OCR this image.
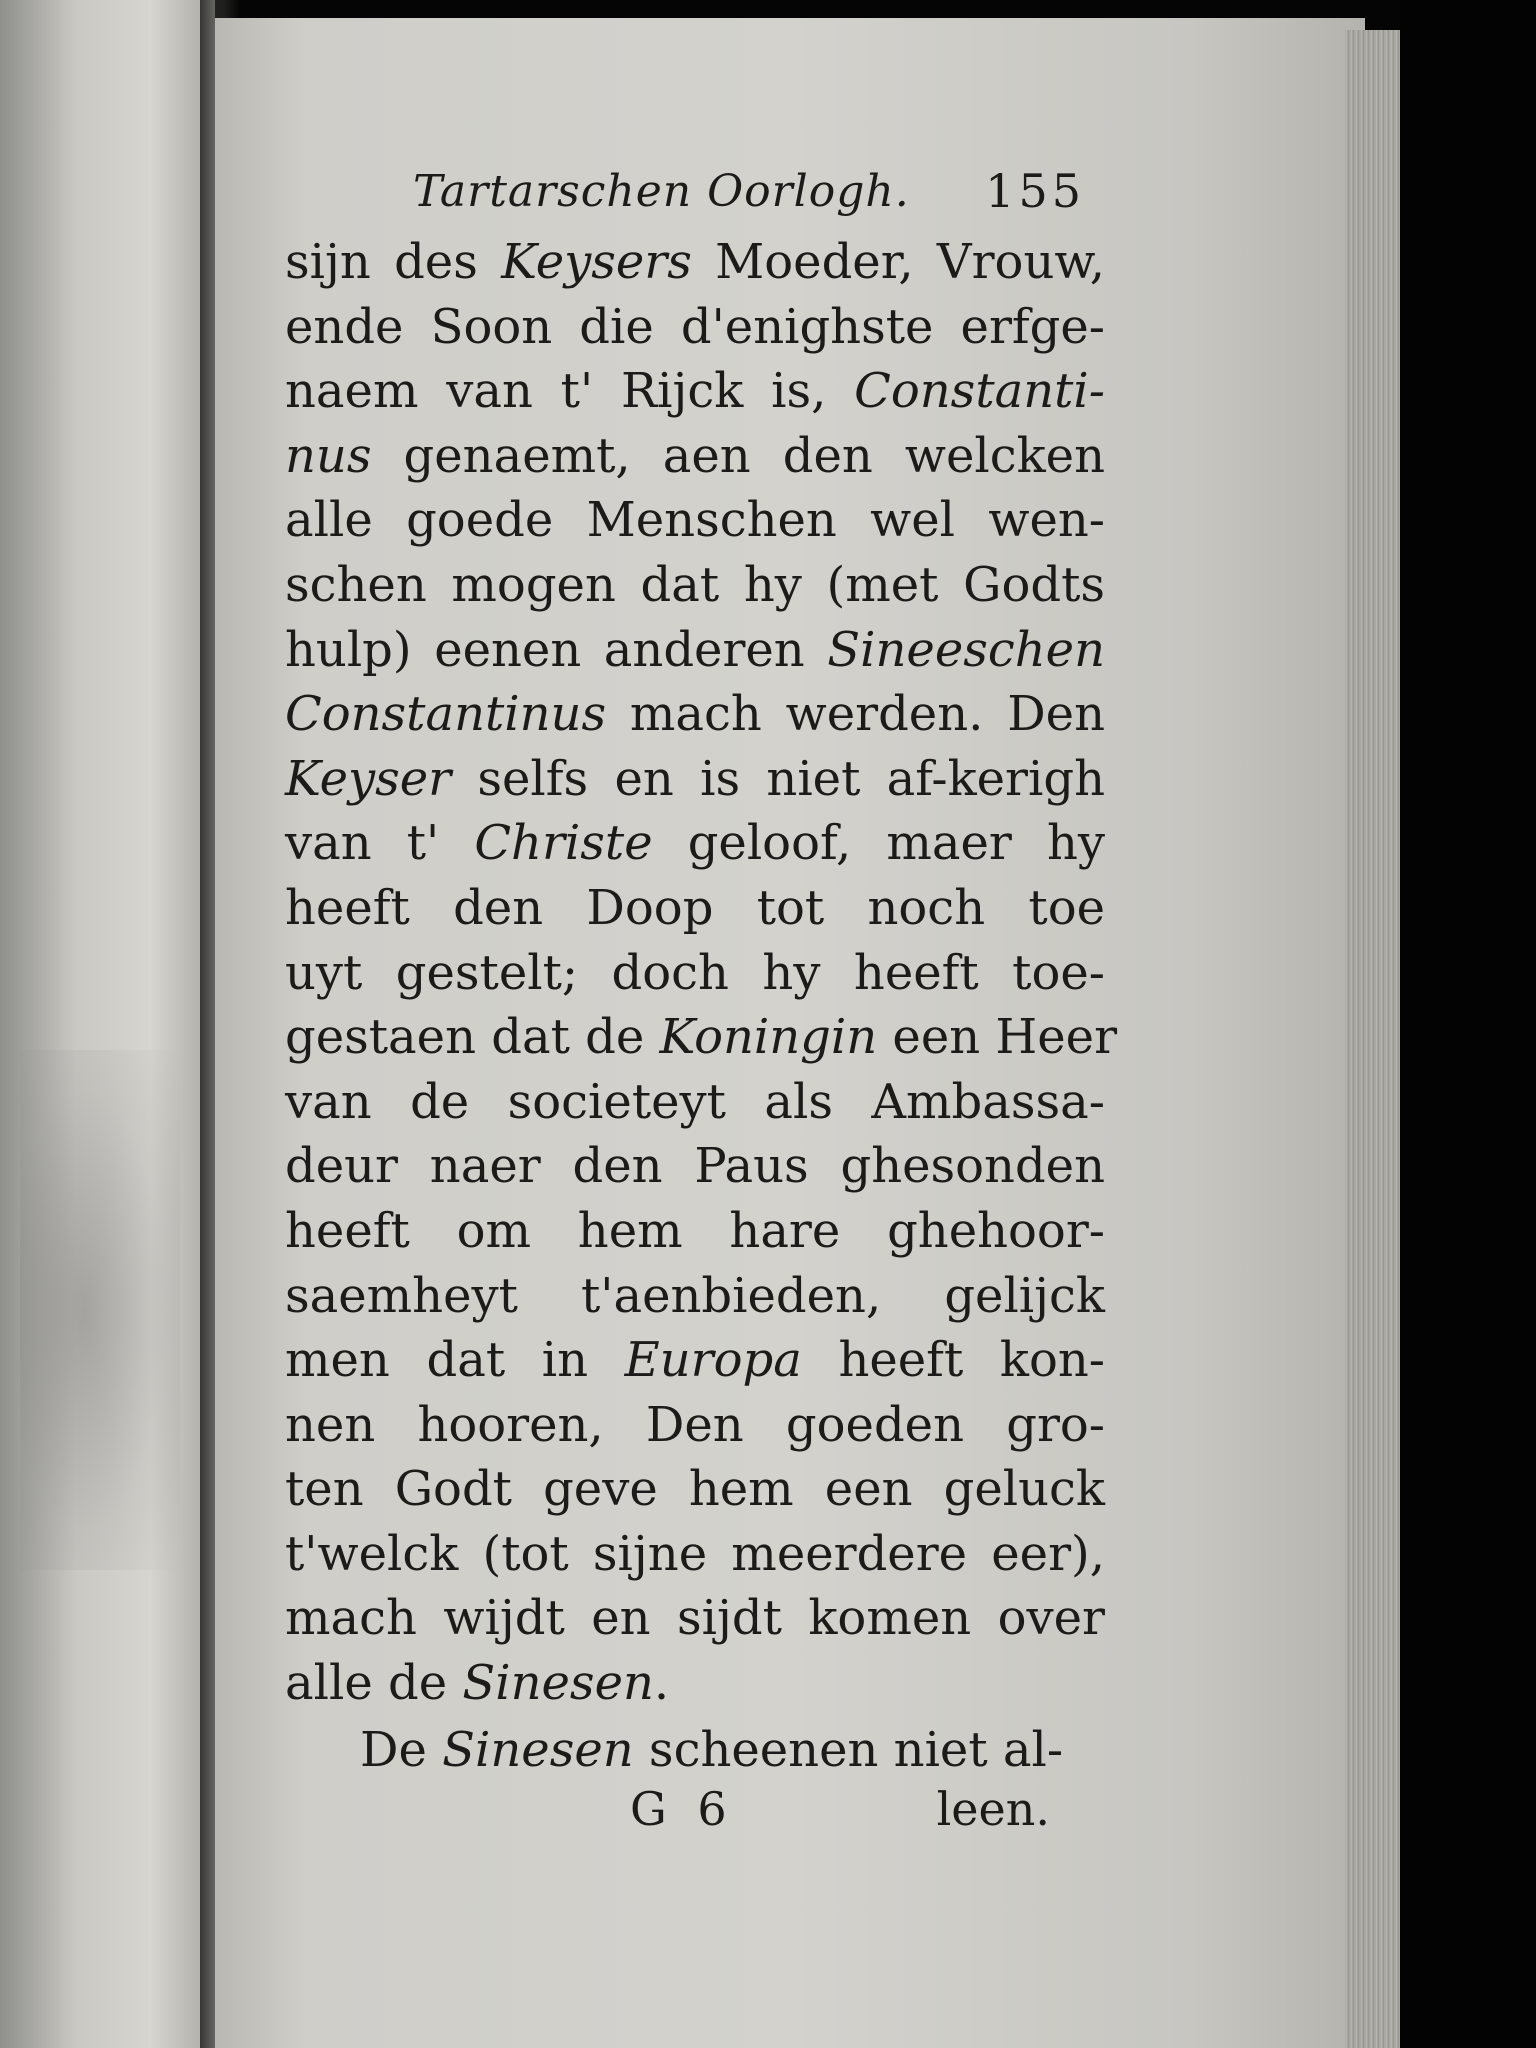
Tartarschen Oorlogh. 155
sijn des Keysers Moeder, Vrouw,
ende Soon die d'enighste erfge-
naem van t' Rijck is, Constanti-
nus genaemt, aen den welcken
alle goede Menschen wel wen-
schen mogen dat hy (met Godts
hulp) eenen anderen Sineeschen
Constantinus mach werden. Den
Keyser selfs en is niet af-kerigh
van t' Christe geloof, maer hy
heeft den Doop tot noch toe
uyt gestelt; doch hy heeft toe-
gestaen dat de Koningin een Heer
van de societeyt als Ambassa-
deur naer den Paus ghesonden
heeft om hem hare ghehoor-
saemheyt t'aenbieden, gelijck
men dat in Europa heeft kon-
nen hooren, Den goeden gro-
ten Godt geve hem een geluck
t'welck (tot sijne meerdere eer),
mach wijdt en sijdt komen over
alle de Sinesen.
De Sinesen scheenen niet al-
G 6	leen.
